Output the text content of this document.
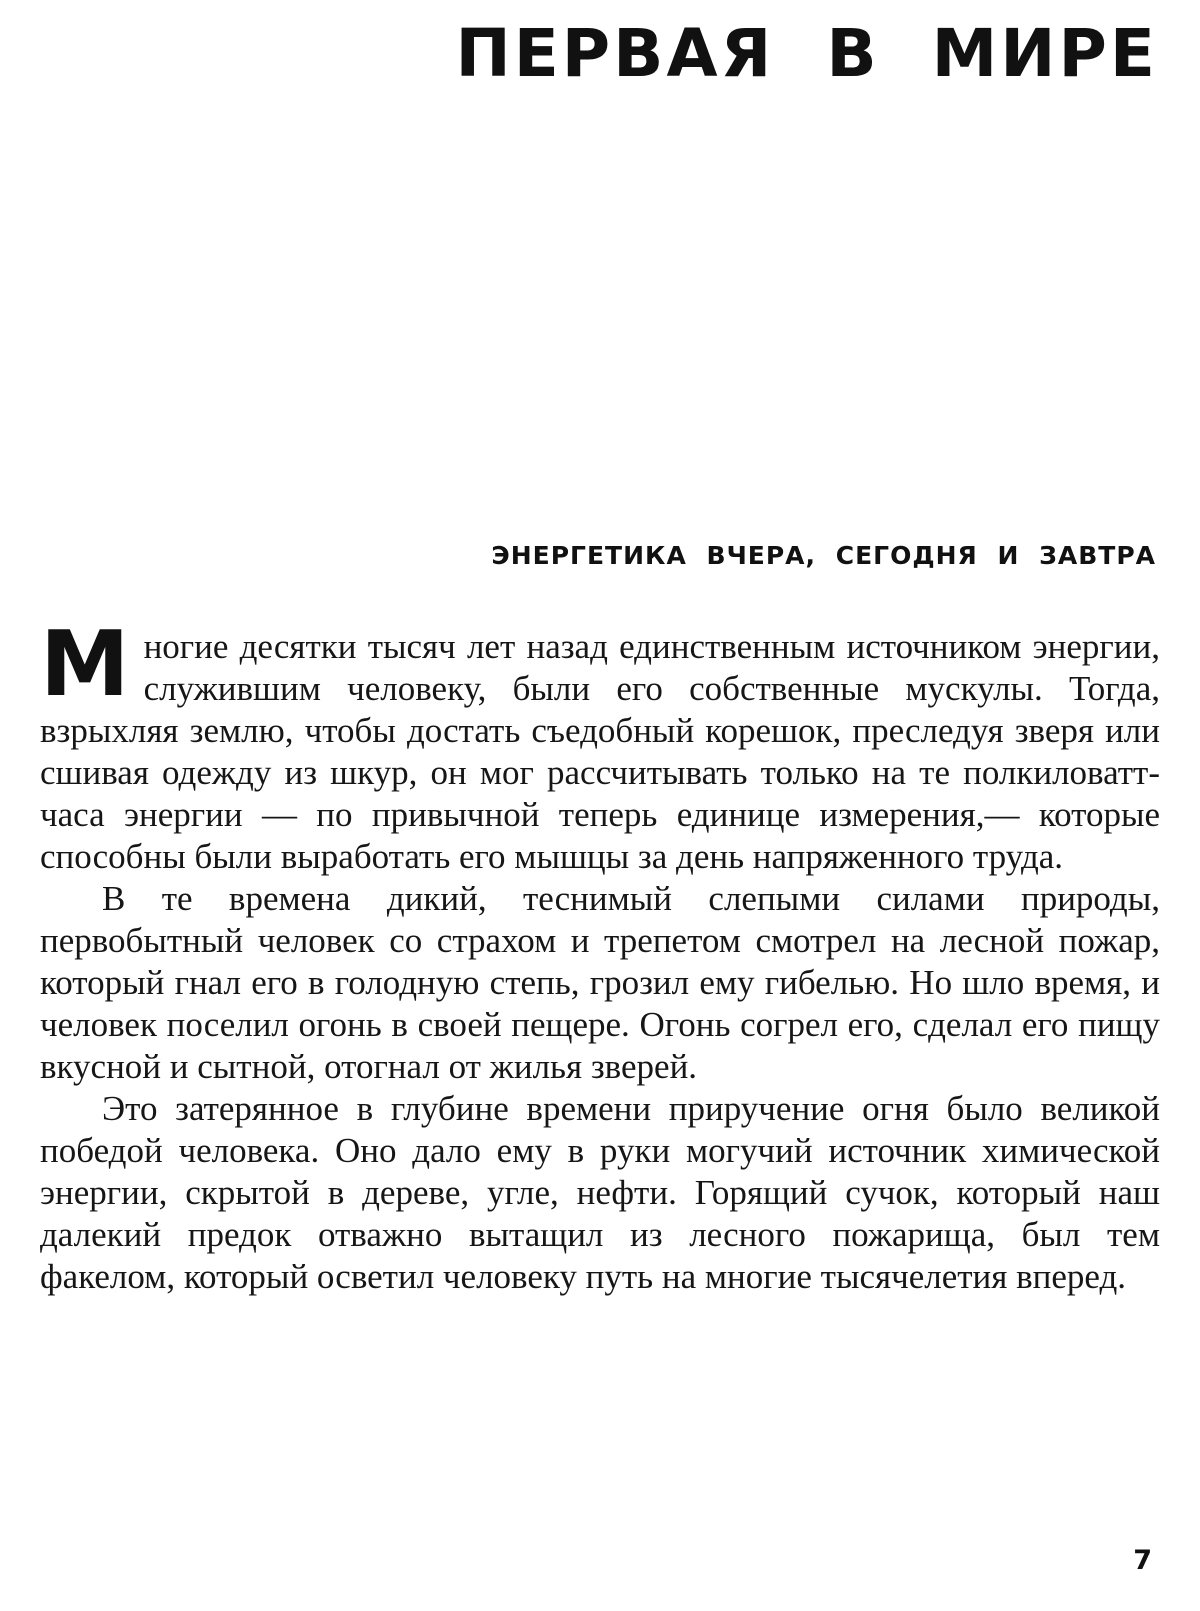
ПЕРВАЯ В МИРЕ
ЭНЕРГЕТИКА ВЧЕРА, СЕГОДНЯ И ЗАВТРА

Многие десятки тысяч лет назад единственным источником энергии, служившим человеку, были его собственные мускулы. Тогда, взрыхляя землю, чтобы достать съедобный корешок, преследуя зверя или сшивая одежду из шкур, он мог рассчитывать только на те полкиловатт-часа энергии — по привычной теперь единице измерения,— которые способны были выработать его мышцы за день напряженного труда.

В те времена дикий, теснимый слепыми силами природы, первобытный человек со страхом и трепетом смотрел на лесной пожар, который гнал его в голодную степь, грозил ему гибелью. Но шло время, и человек поселил огонь в своей пещере. Огонь согрел его, сделал его пищу вкусной и сытной, отогнал от жилья зверей.

Это затерянное в глубине времени приручение огня было великой победой человека. Оно дало ему в руки могучий источник химической энергии, скрытой в дереве, угле, нефти. Горящий сучок, который наш далекий предок отважно вытащил из лесного пожарища, был тем факелом, который осветил человеку путь на многие тысячелетия вперед.

7
